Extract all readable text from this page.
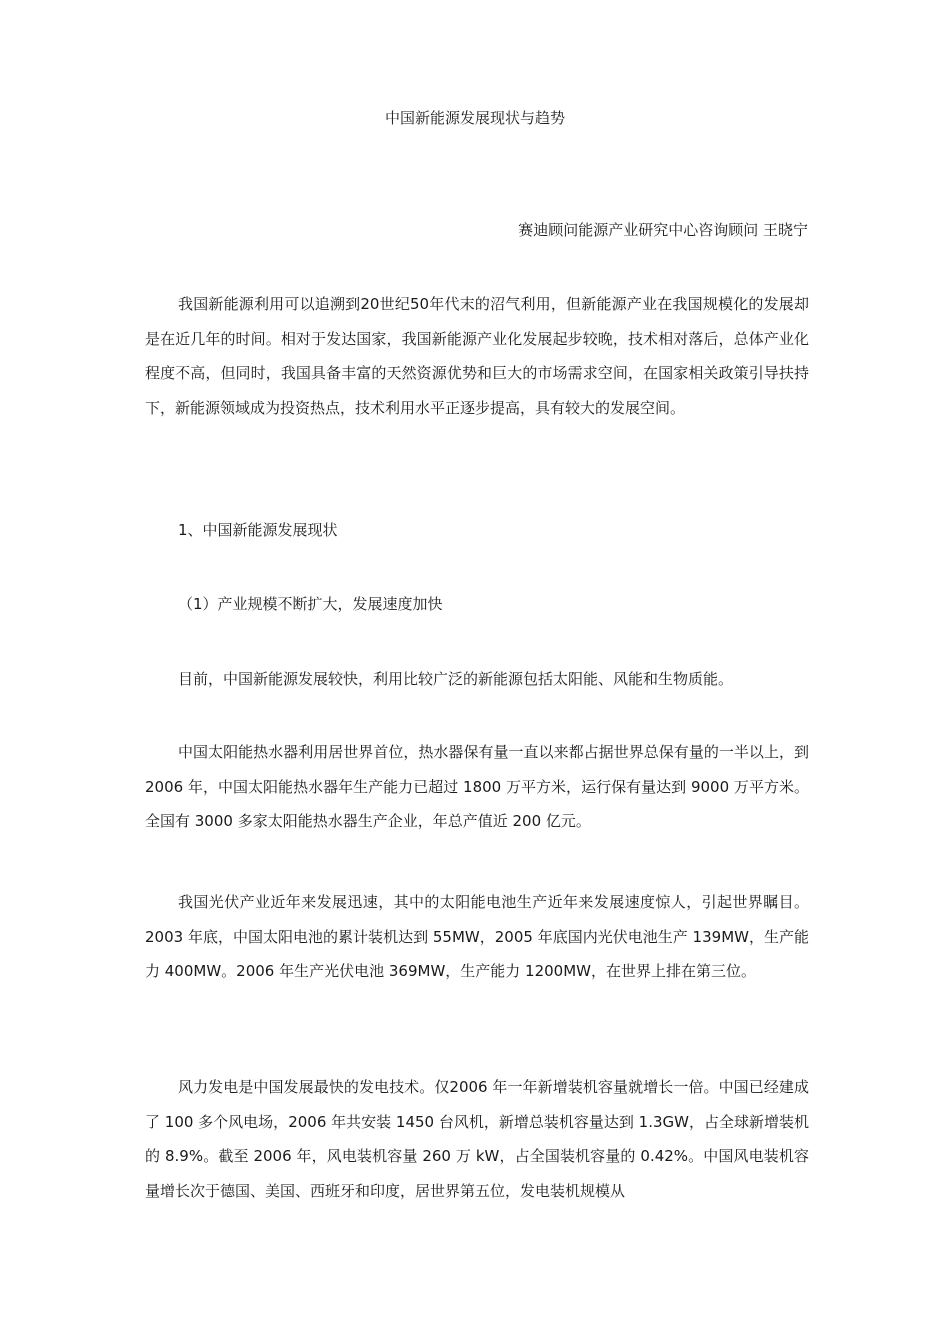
中国新能源发展现状与趋势
赛迪顾问能源产业研究中心咨询顾问 王晓宁

我国新能源利用可以追溯到20世纪50年代末的沼气利用，但新能源产业在我国规模化的发展却是在近几年的时间。相对于发达国家，我国新能源产业化发展起步较晚，技术相对落后，总体产业化程度不高，但同时，我国具备丰富的天然资源优势和巨大的市场需求空间，在国家相关政策引导扶持下，新能源领域成为投资热点，技术利用水平正逐步提高，具有较大的发展空间。

1、中国新能源发展现状
（1）产业规模不断扩大，发展速度加快

目前，中国新能源发展较快，利用比较广泛的新能源包括太阳能、风能和生物质能。

中国太阳能热水器利用居世界首位，热水器保有量一直以来都占据世界总保有量的一半以上，到 2006 年，中国太阳能热水器年生产能力已超过 1800 万平方米，运行保有量达到 9000 万平方米。全国有 3000 多家太阳能热水器生产企业，年总产值近 200 亿元。

我国光伏产业近年来发展迅速，其中的太阳能电池生产近年来发展速度惊人，引起世界瞩目。2003 年底，中国太阳电池的累计装机达到 55MW，2005 年底国内光伏电池生产 139MW，生产能力 400MW。2006 年生产光伏电池 369MW，生产能力 1200MW，在世界上排在第三位。

风力发电是中国发展最快的发电技术。仅2006 年一年新增装机容量就增长一倍。中国已经建成了 100 多个风电场，2006 年共安装 1450 台风机，新增总装机容量达到 1.3GW，占全球新增装机的 8.9%。截至 2006 年，风电装机容量 260 万 kW，占全国装机容量的 0.42%。中国风电装机容量增长次于德国、美国、西班牙和印度，居世界第五位，发电装机规模从
